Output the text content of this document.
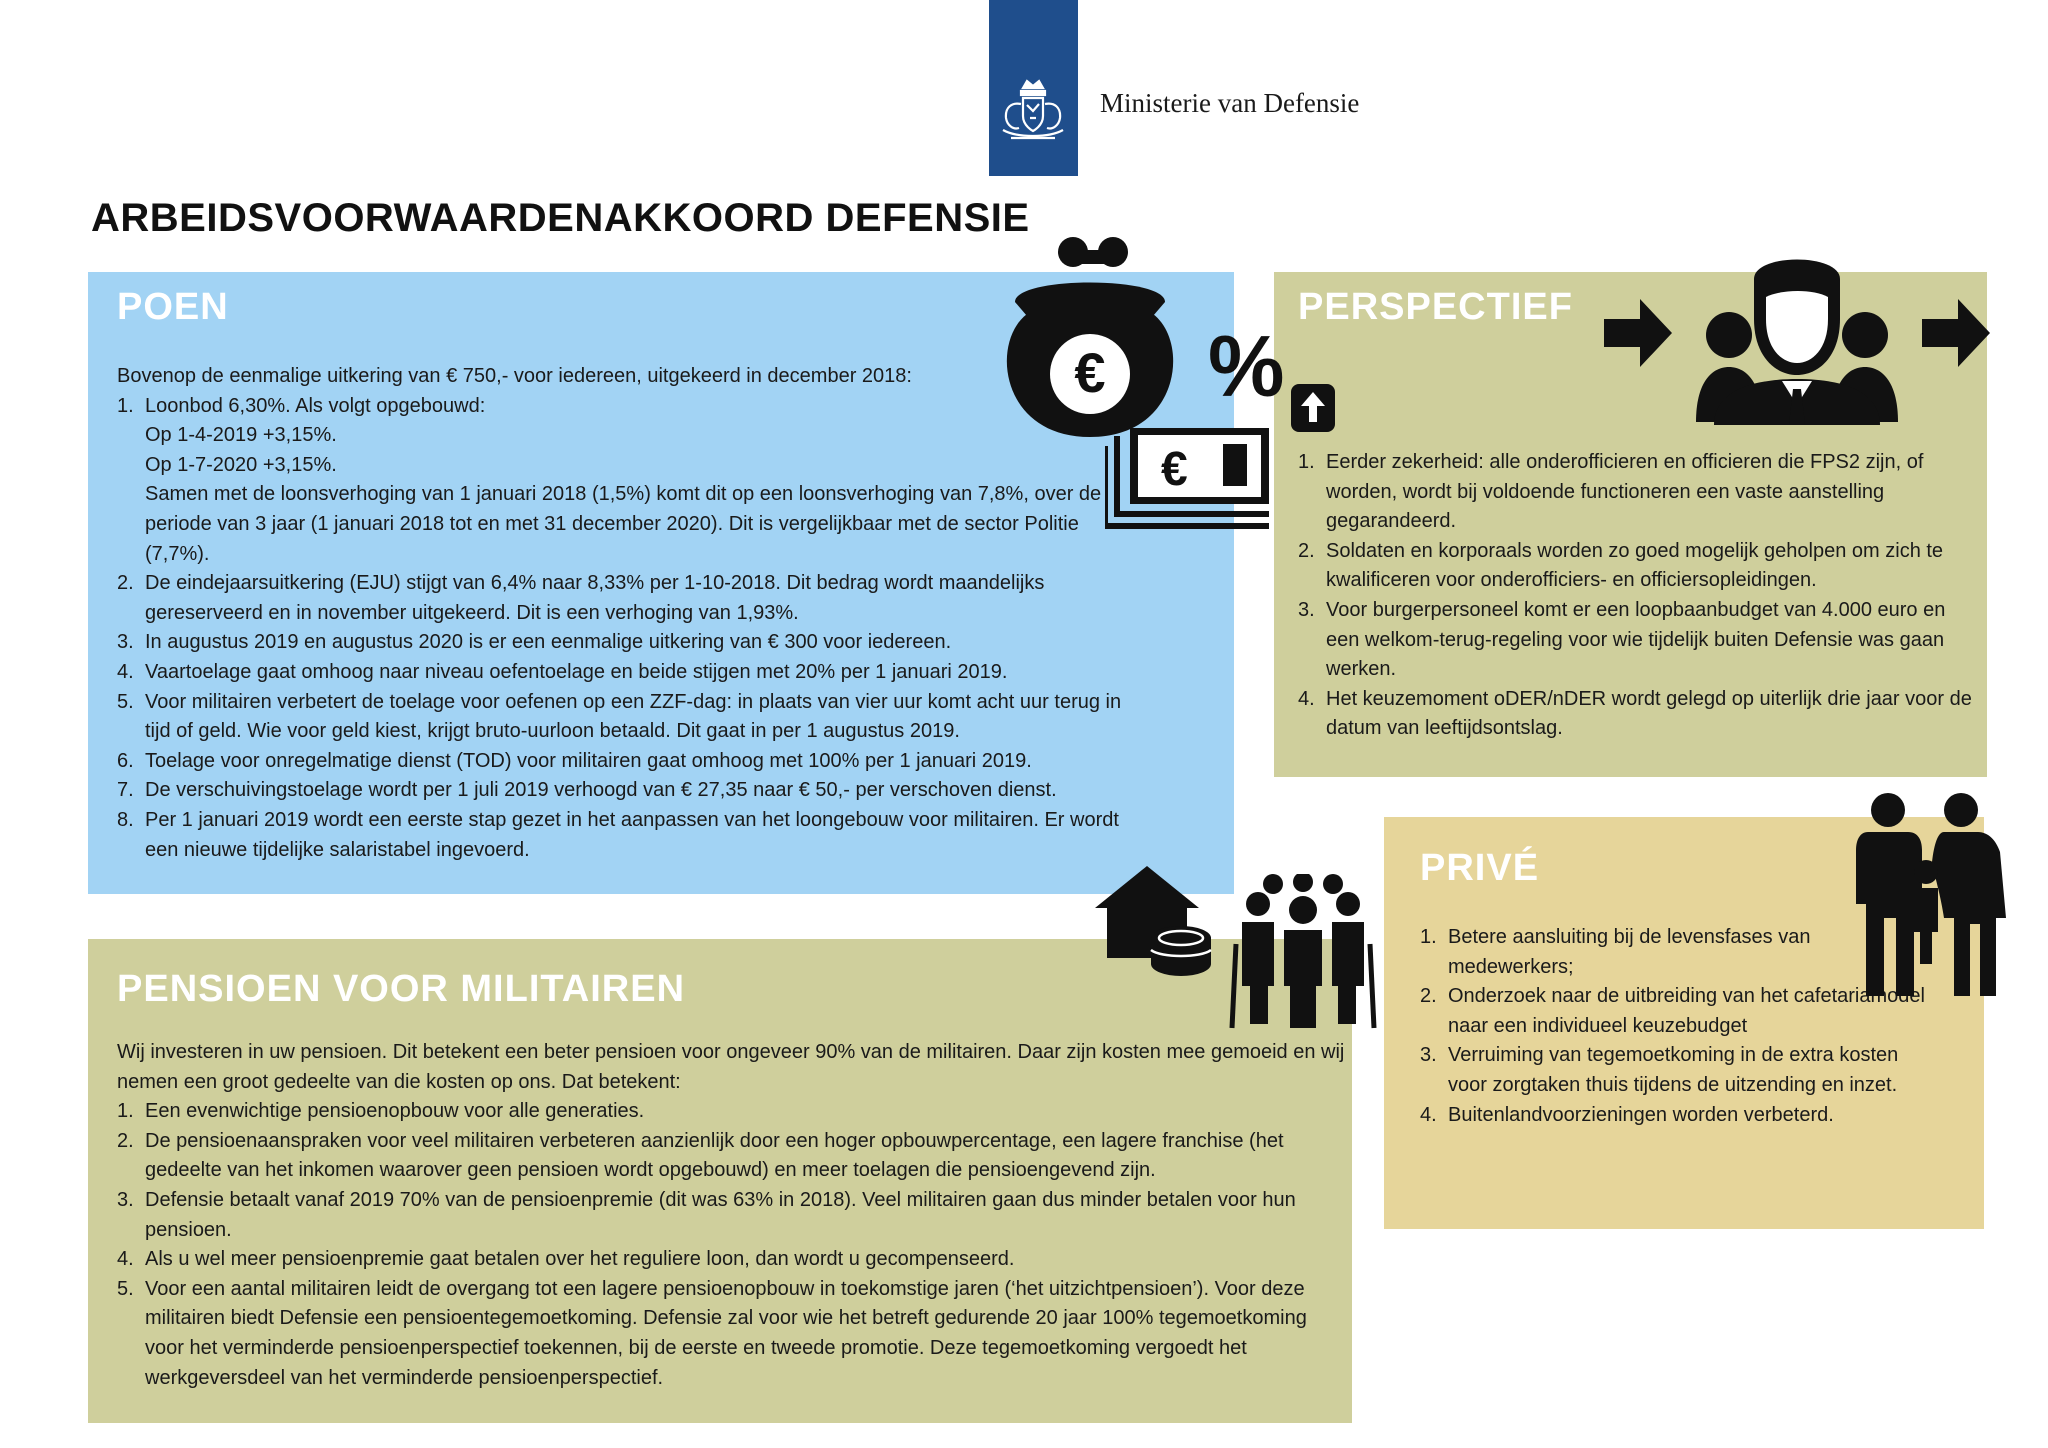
Ministerie van Defensie
ARBEIDSVOORWAARDENAKKOORD DEFENSIE
POEN

Bovenop de eenmalige uitkering van € 750,- voor iedereen, uitgekeerd in december 2018:

1. Loonbod 6,30%. Als volgt opgebouwd:
Op 1-4-2019 +3,15%.
Op 1-7-2020 +3,15%.
Samen met de loonsverhoging van 1 januari 2018 (1,5%) komt dit op een loonsverhoging van 7,8%, over de periode van 3 jaar (1 januari 2018 tot en met 31 december 2020). Dit is vergelijkbaar met de sector Politie (7,7%).
2. De eindejaarsuitkering (EJU) stijgt van 6,4% naar 8,33% per 1-10-2018. Dit bedrag wordt maandelijks gereserveerd en in november uitgekeerd. Dit is een verhoging van 1,93%.
3. In augustus 2019 en augustus 2020 is er een eenmalige uitkering van € 300 voor iedereen.
4. Vaartoelage gaat omhoog naar niveau oefentoelage en beide stijgen met 20% per 1 januari 2019.
5. Voor militairen verbetert de toelage voor oefenen op een ZZF-dag: in plaats van vier uur komt acht uur terug in tijd of geld. Wie voor geld kiest, krijgt bruto-uurloon betaald. Dit gaat in per 1 augustus 2019.
6. Toelage voor onregelmatige dienst (TOD) voor militairen gaat omhoog met 100% per 1 januari 2019.
7. De verschuivingstoelage wordt per 1 juli 2019 verhoogd van € 27,35 naar € 50,- per verschoven dienst.
8. Per 1 januari 2019 wordt een eerste stap gezet in het aanpassen van het loongebouw voor militairen. Er wordt een nieuwe tijdelijke salaristabel ingevoerd.
PERSPECTIEF
1. Eerder zekerheid: alle onderofficieren en officieren die FPS2 zijn, of worden, wordt bij voldoende functioneren een vaste aanstelling gegarandeerd.
2. Soldaten en korporaals worden zo goed mogelijk geholpen om zich te kwalificeren voor onderofficiers- en officiersopleidingen.
3. Voor burgerpersoneel komt er een loopbaanbudget van 4.000 euro en een welkom-terug-regeling voor wie tijdelijk buiten Defensie was gaan werken.
4. Het keuzemoment oDER/nDER wordt gelegd op uiterlijk drie jaar voor de datum van leeftijdsontslag.
PRIVÉ
1. Betere aansluiting bij de levensfases van medewerkers;
2. Onderzoek naar de uitbreiding van het cafetariamodel naar een individueel keuzebudget
3. Verruiming van tegemoetkoming in de extra kosten voor zorgtaken thuis tijdens de uitzending en inzet.
4. Buitenlandvoorzieningen worden verbeterd.
PENSIOEN VOOR MILITAIREN

Wij investeren in uw pensioen. Dit betekent een beter pensioen voor ongeveer 90% van de militairen. Daar zijn kosten mee gemoeid en wij nemen een groot gedeelte van die kosten op ons. Dat betekent:

1. Een evenwichtige pensioenopbouw voor alle generaties.
2. De pensioenaanspraken voor veel militairen verbeteren aanzienlijk door een hoger opbouwpercentage, een lagere franchise (het gedeelte van het inkomen waarover geen pensioen wordt opgebouwd) en meer toelagen die pensioengevend zijn.
3. Defensie betaalt vanaf 2019 70% van de pensioenpremie (dit was 63% in 2018). Veel militairen gaan dus minder betalen voor hun pensioen.
4. Als u wel meer pensioenpremie gaat betalen over het reguliere loon, dan wordt u gecompenseerd.
5. Voor een aantal militairen leidt de overgang tot een lagere pensioenopbouw in toekomstige jaren (‘het uitzichtpensioen’). Voor deze militairen biedt Defensie een pensioentegemoetkoming. Defensie zal voor wie het betreft gedurende 20 jaar 100% tegemoetkoming voor het verminderde pensioenperspectief toekennen, bij de eerste en tweede promotie. Deze tegemoetkoming vergoedt het werkgeversdeel van het verminderde pensioenperspectief.
€ %
€
